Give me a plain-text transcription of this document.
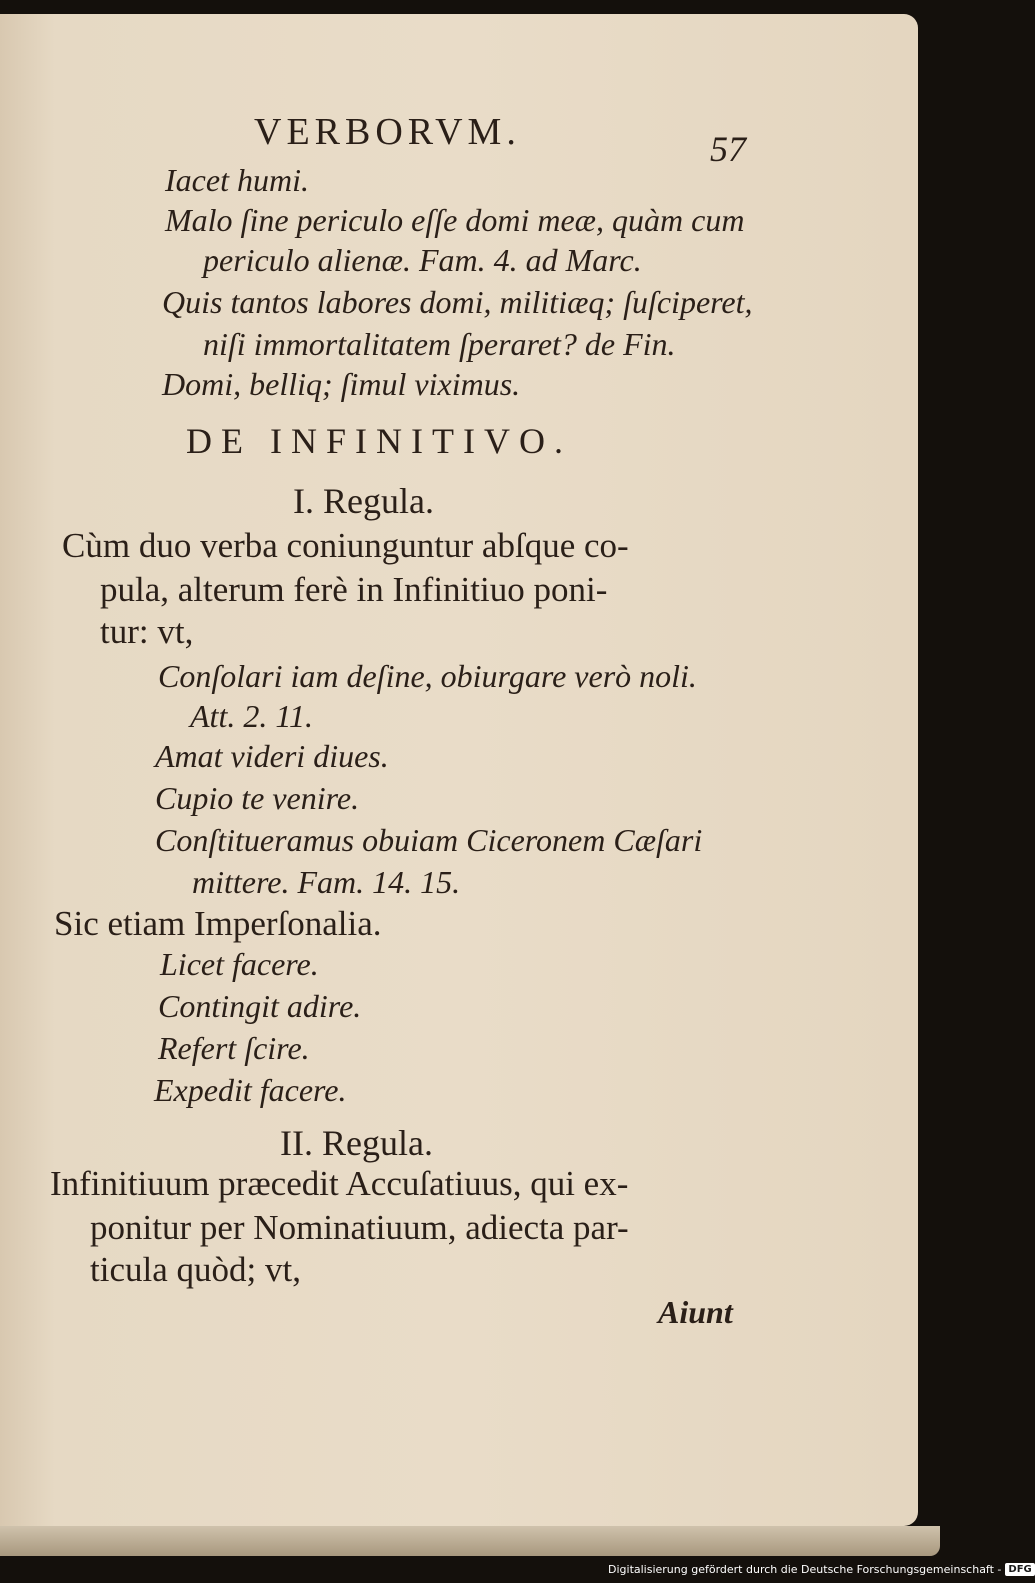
VERBORVM.	57
Iacet humi.
Malo ſine periculo eſſe domi meæ, quàm cum
periculo alienæ. Fam. 4. ad Marc.
Quis tantos labores domi, militiæq; ſuſciperet,
niſi immortalitatem ſperaret? de Fin.
Domi, belliq; ſimul viximus.
DE INFINITIVO.
I. Regula.
Cùm duo verba coniunguntur abſque co-
pula, alterum ferè in Infinitiuo poni-
tur: vt,
Conſolari iam deſine, obiurgare verò noli.
Att. 2. 11.
Amat videri diues.
Cupio te venire.
Conſtitueramus obuiam Ciceronem Cæſari
mittere. Fam. 14. 15.
Sic etiam Imperſonalia.
Licet facere.
Contingit adire.
Refert ſcire.
Expedit facere.
II. Regula.
Infinitiuum præcedit Accuſatiuus, qui ex-
ponitur per Nominatiuum, adiecta par-
ticula quòd; vt,
Aiunt
Digitalisierung gefördert durch die Deutsche Forschungsgemeinschaft - DFG
